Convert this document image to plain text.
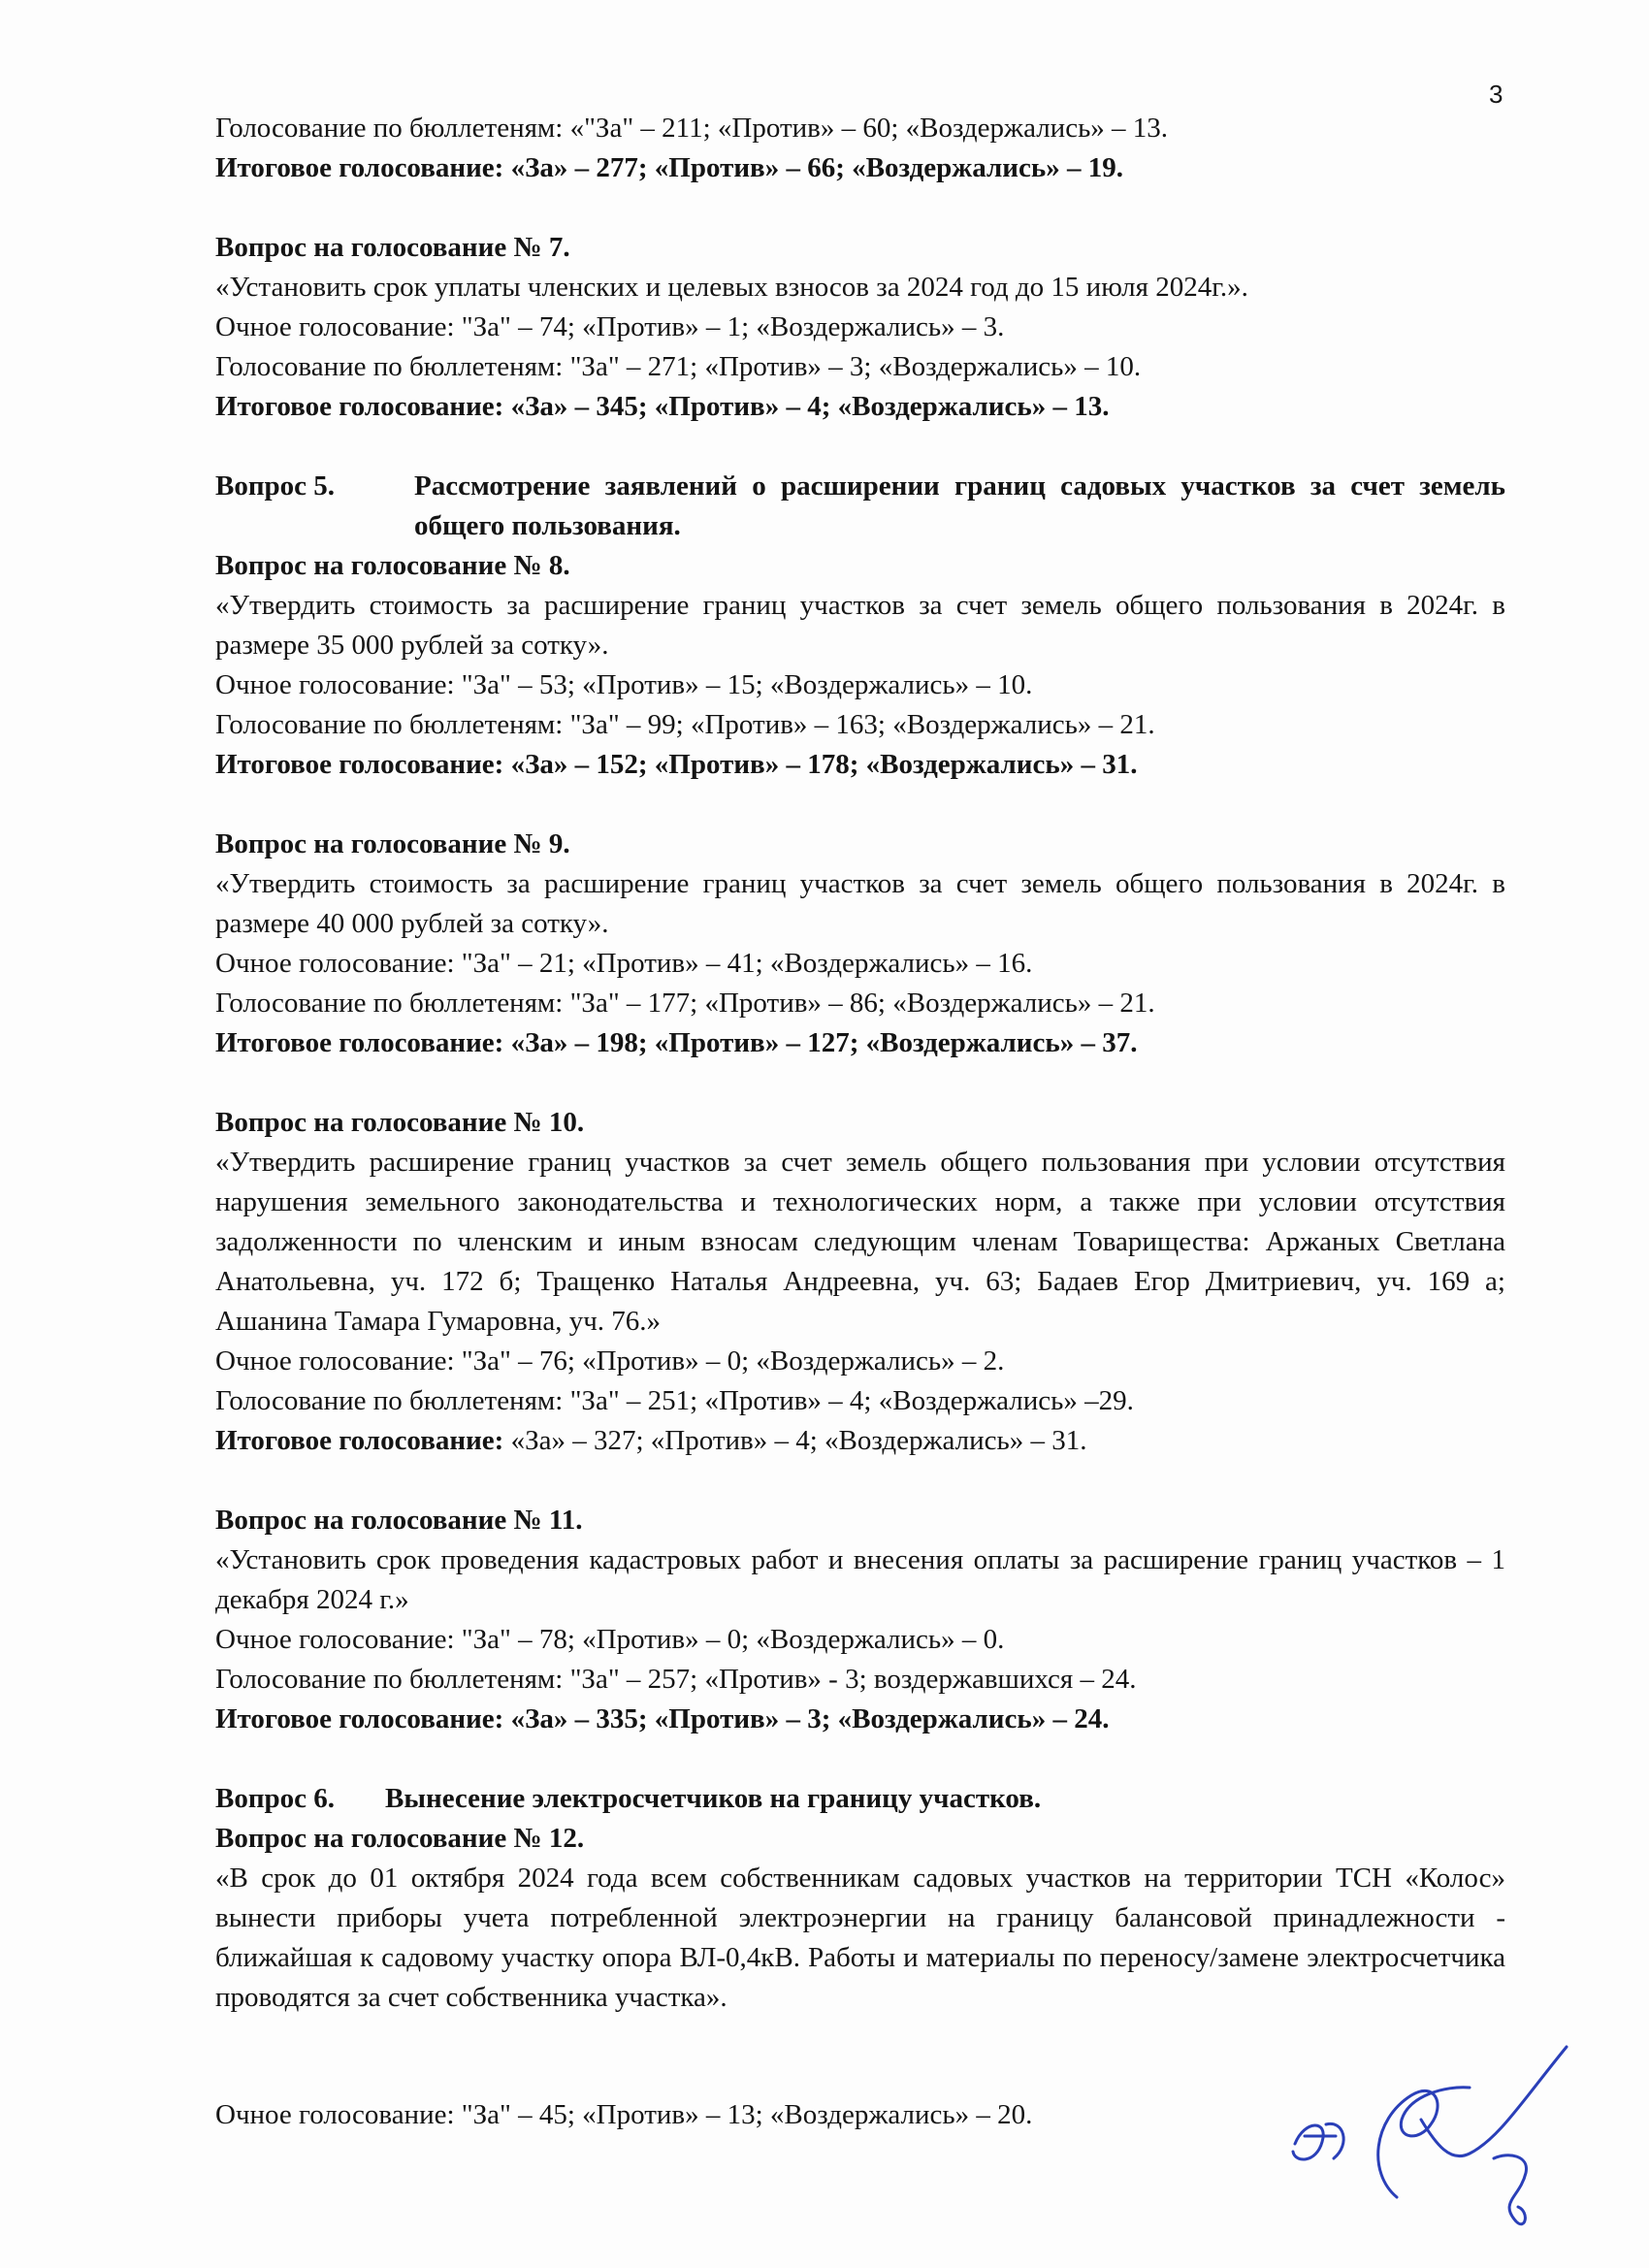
3

Голосование по бюллетеням: «"За" – 211; «Против» – 60; «Воздержались» – 13.

Итоговое голосование: «За» – 277; «Против» – 66; «Воздержались» – 19.

Вопрос на голосование № 7.

«Установить срок уплаты членских и целевых взносов за 2024 год до 15 июля 2024г.».

Очное голосование: "За" – 74; «Против» – 1; «Воздержались» – 3.

Голосование по бюллетеням: "За" – 271; «Против» – 3; «Воздержались» – 10.

Итоговое голосование: «За» – 345; «Против» – 4; «Воздержались» – 13.

Вопрос 5.	Рассмотрение заявлений о расширении границ садовых участков за счет земель общего пользования.

Вопрос на голосование № 8.

«Утвердить стоимость за расширение границ участков за счет земель общего пользования в 2024г. в размере 35 000 рублей за сотку».

Очное голосование: "За" – 53; «Против» – 15; «Воздержались» – 10.

Голосование по бюллетеням: "За" – 99; «Против» – 163; «Воздержались» – 21.

Итоговое голосование: «За» – 152; «Против» – 178; «Воздержались» – 31.

Вопрос на голосование № 9.

«Утвердить стоимость за расширение границ участков за счет земель общего пользования в 2024г. в размере 40 000 рублей за сотку».

Очное голосование: "За" – 21; «Против» – 41; «Воздержались» – 16.

Голосование по бюллетеням: "За" – 177; «Против» – 86; «Воздержались» – 21.

Итоговое голосование: «За» – 198; «Против» – 127; «Воздержались» – 37.

Вопрос на голосование № 10.

«Утвердить расширение границ участков за счет земель общего пользования при условии отсутствия нарушения земельного законодательства и технологических норм, а также при условии отсутствия задолженности по членским и иным взносам следующим членам Товарищества: Аржаных Светлана Анатольевна, уч. 172 б; Тращенко Наталья Андреевна, уч. 63; Бадаев Егор Дмитриевич, уч. 169 а; Ашанина Тамара Гумаровна, уч. 76.»

Очное голосование: "За" – 76; «Против» – 0; «Воздержались» – 2.

Голосование по бюллетеням: "За" – 251; «Против» – 4; «Воздержались» –29.

Итоговое голосование: «За» – 327; «Против» – 4; «Воздержались» – 31.

Вопрос на голосование № 11.

«Установить срок проведения кадастровых работ и внесения оплаты за расширение границ участков – 1 декабря 2024 г.»

Очное голосование: "За" – 78; «Против» – 0; «Воздержались» – 0.

Голосование по бюллетеням: "За" – 257; «Против» - 3; воздержавшихся – 24.

Итоговое голосование: «За» – 335; «Против» – 3; «Воздержались» – 24.

Вопрос 6.	Вынесение электросчетчиков на границу участков.

Вопрос на голосование № 12.

«В срок до 01 октября 2024 года всем собственникам садовых участков на территории ТСН «Колос» вынести приборы учета потребленной электроэнергии на границу балансовой принадлежности - ближайшая к садовому участку опора ВЛ-0,4кВ. Работы и материалы по переносу/замене электросчетчика проводятся за счет собственника участка».

Очное голосование: "За" – 45; «Против» – 13; «Воздержались» – 20.
